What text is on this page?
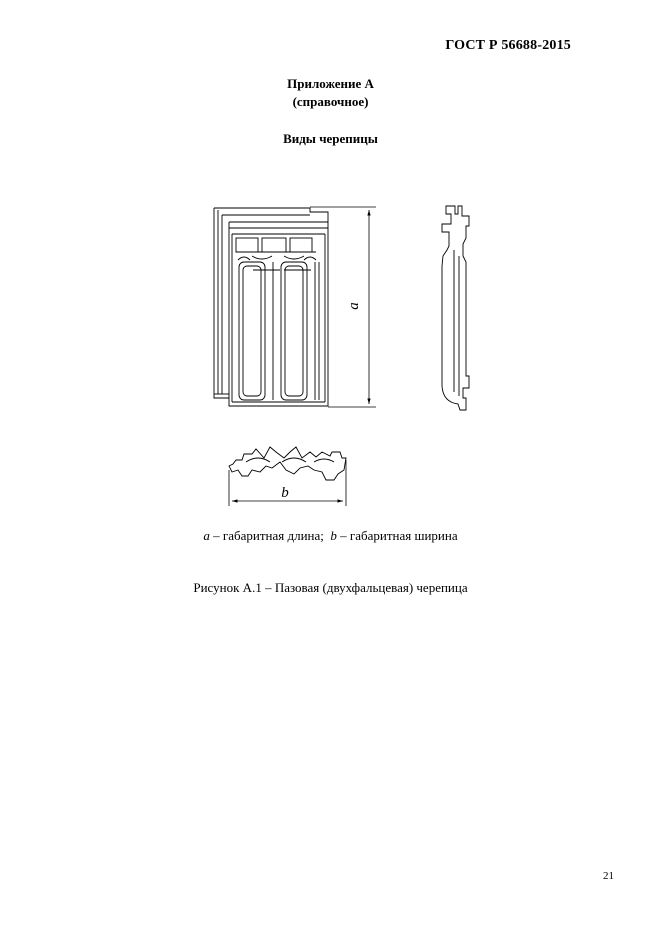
ГОСТ Р 56688-2015
Приложение А
(справочное)
Виды черепицы
a
b
a – габаритная длина;  b – габаритная ширина
Рисунок А.1 – Пазовая (двухфальцевая) черепица
21
